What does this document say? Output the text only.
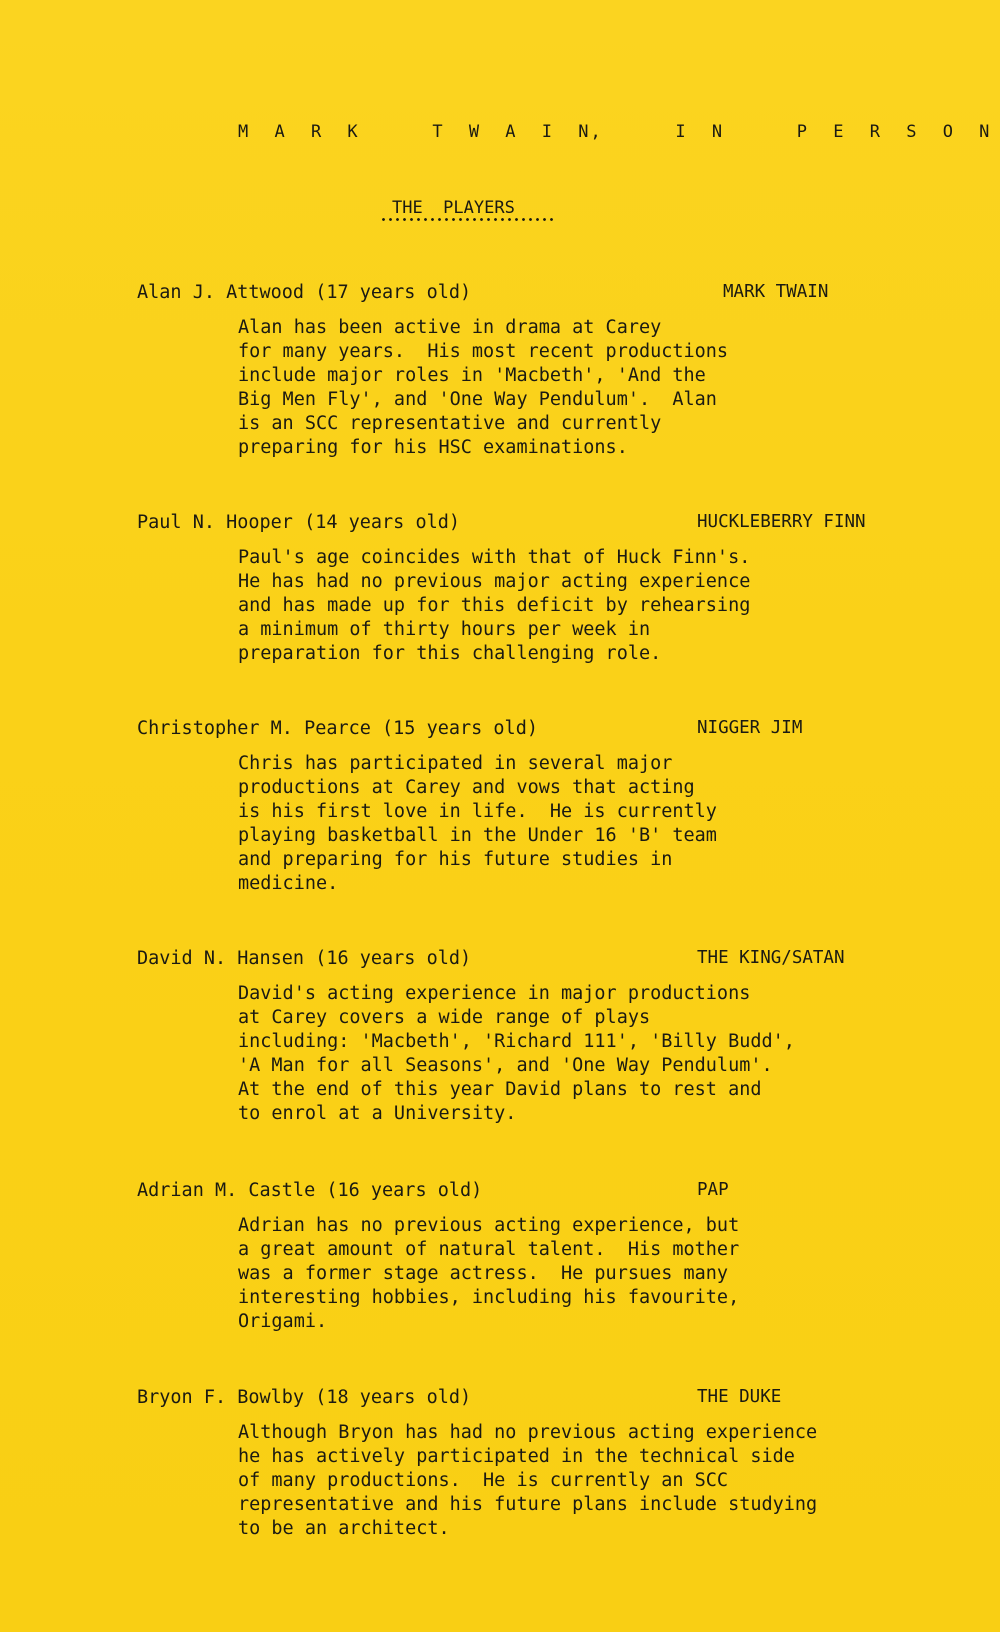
M A R K   T W A I N,   I N   P E R S O N
THE  PLAYERS
Alan J. Attwood (17 years old)	MARK TWAIN
Alan has been active in drama at Carey
for many years.  His most recent productions
include major roles in 'Macbeth', 'And the
Big Men Fly', and 'One Way Pendulum'.  Alan
is an SCC representative and currently
preparing for his HSC examinations.
Paul N. Hooper (14 years old)	HUCKLEBERRY FINN
Paul's age coincides with that of Huck Finn's.
He has had no previous major acting experience
and has made up for this deficit by rehearsing
a minimum of thirty hours per week in
preparation for this challenging role.
Christopher M. Pearce (15 years old)	NIGGER JIM
Chris has participated in several major
productions at Carey and vows that acting
is his first love in life.  He is currently
playing basketball in the Under 16 'B' team
and preparing for his future studies in
medicine.
David N. Hansen (16 years old)	THE KING/SATAN
David's acting experience in major productions
at Carey covers a wide range of plays
including: 'Macbeth', 'Richard 111', 'Billy Budd',
'A Man for all Seasons', and 'One Way Pendulum'.
At the end of this year David plans to rest and
to enrol at a University.
Adrian M. Castle (16 years old)	PAP
Adrian has no previous acting experience, but
a great amount of natural talent.  His mother
was a former stage actress.  He pursues many
interesting hobbies, including his favourite,
Origami.
Bryon F. Bowlby (18 years old)	THE DUKE
Although Bryon has had no previous acting experience
he has actively participated in the technical side
of many productions.  He is currently an SCC
representative and his future plans include studying
to be an architect.
